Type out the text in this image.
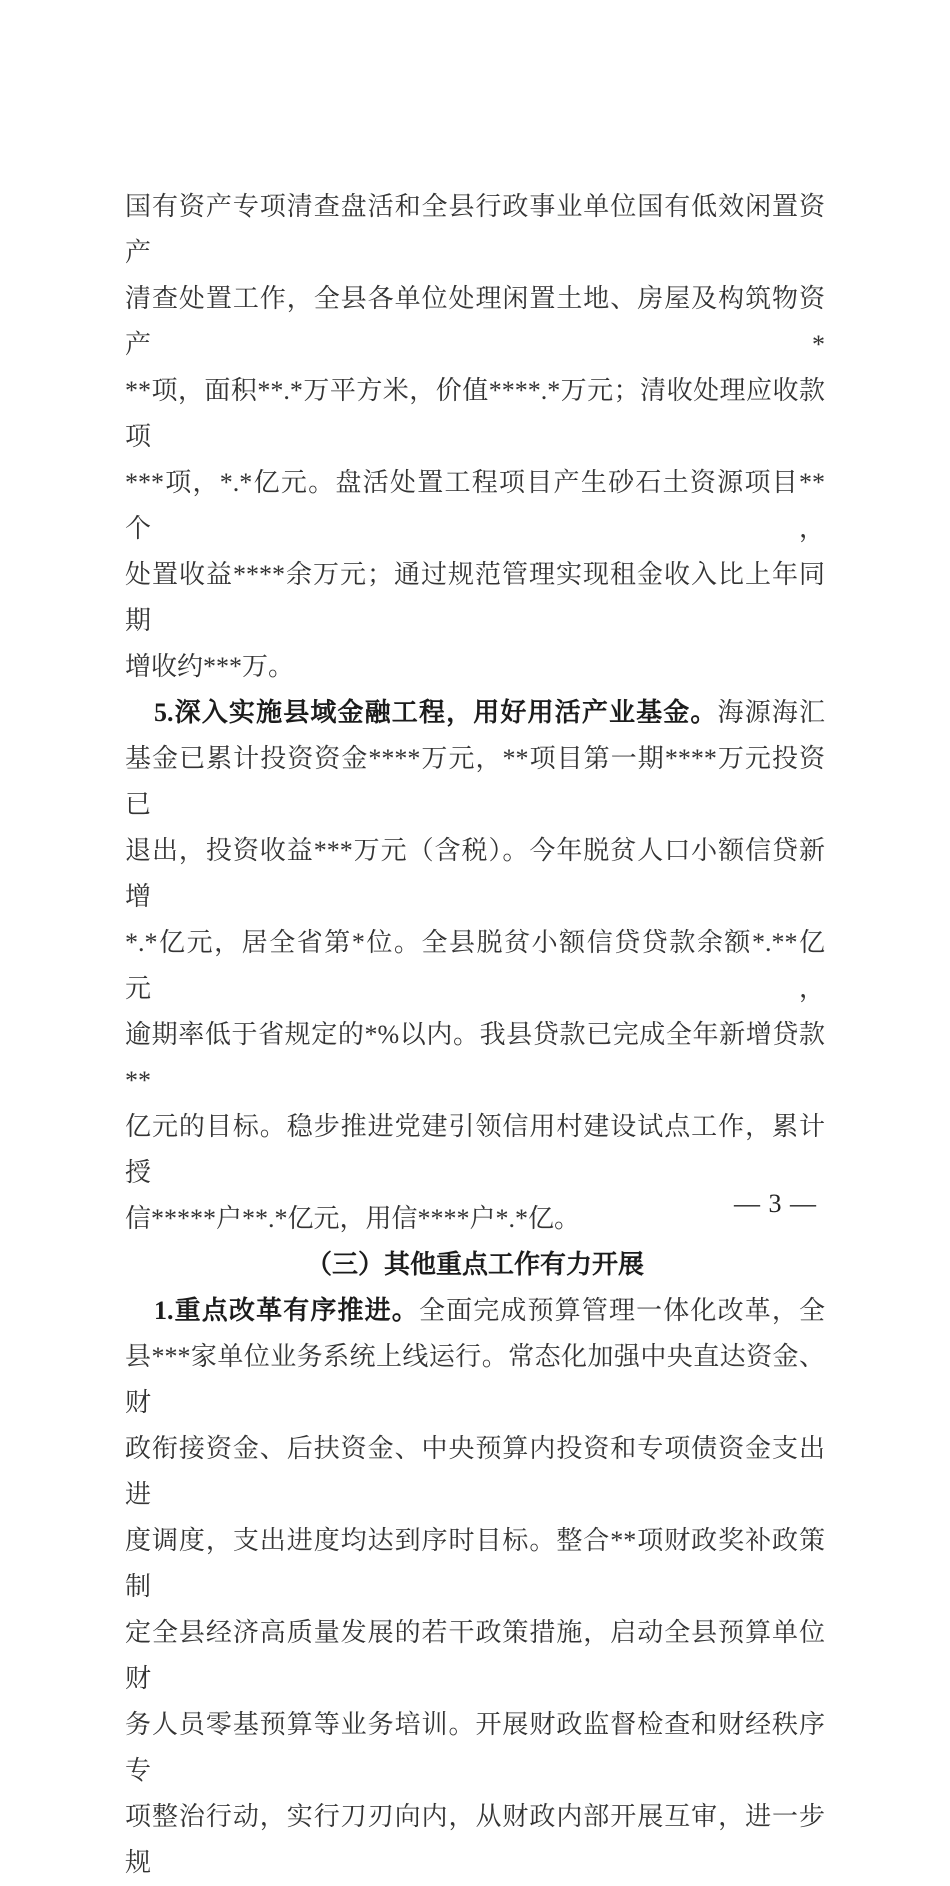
国有资产专项清查盘活和全县行政事业单位国有低效闲置资产
清查处置工作，全县各单位处理闲置土地、房屋及构筑物资产*
**项，面积**.*万平方米，价值****.*万元；清收处理应收款项
***项，*.*亿元。盘活处置工程项目产生砂石土资源项目**个，
处置收益****余万元；通过规范管理实现租金收入比上年同期
增收约***万。
5.深入实施县域金融工程，用好用活产业基金。海源海汇
基金已累计投资资金****万元，**项目第一期****万元投资已
退出，投资收益***万元（含税）。今年脱贫人口小额信贷新增
*.*亿元，居全省第*位。全县脱贫小额信贷贷款余额*.**亿元，
逾期率低于省规定的*%以内。我县贷款已完成全年新增贷款**
亿元的目标。稳步推进党建引领信用村建设试点工作，累计授
信*****户**.*亿元，用信****户*.*亿。
（三）其他重点工作有力开展
1.重点改革有序推进。全面完成预算管理一体化改革，全
县***家单位业务系统上线运行。常态化加强中央直达资金、财
政衔接资金、后扶资金、中央预算内投资和专项债资金支出进
度调度，支出进度均达到序时目标。整合**项财政奖补政策制
定全县经济高质量发展的若干政策措施，启动全县预算单位财
务人员零基预算等业务培训。开展财政监督检查和财经秩序专
项整治行动，实行刀刃向内，从财政内部开展互审，进一步规
— 3 —
